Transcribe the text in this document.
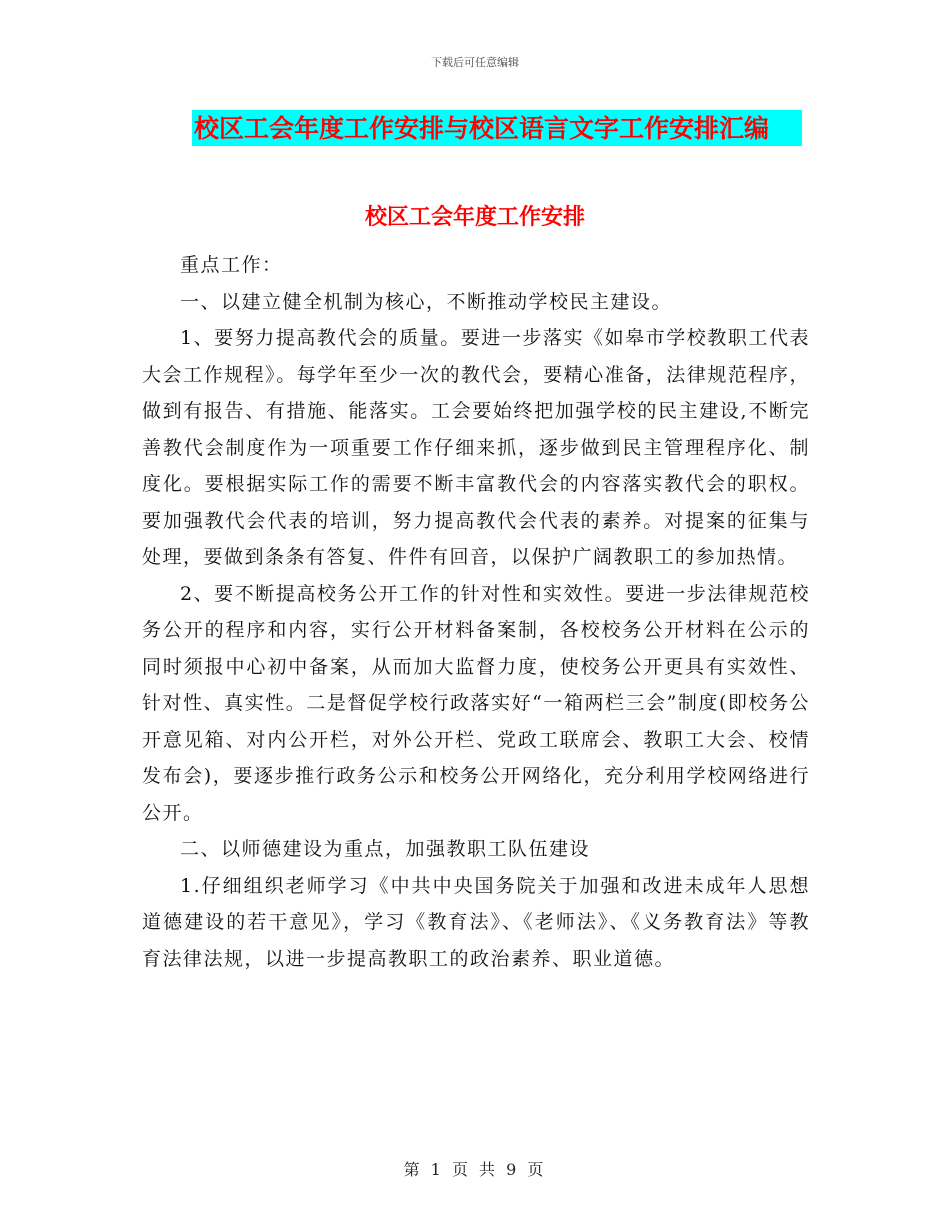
下载后可任意编辑
校区工会年度工作安排与校区语言文字工作安排汇编
校区工会年度工作安排

重点工作：

一、以建立健全机制为核心，不断推动学校民主建设。

1、要努力提高教代会的质量。要进一步落实《如皋市学校教职工代表大会工作规程》。每学年至少一次的教代会，要精心准备，法律规范程序，做到有报告、有措施、能落实。工会要始终把加强学校的民主建设,不断完善教代会制度作为一项重要工作仔细来抓，逐步做到民主管理程序化、制度化。要根据实际工作的需要不断丰富教代会的内容落实教代会的职权。要加强教代会代表的培训，努力提高教代会代表的素养。对提案的征集与处理，要做到条条有答复、件件有回音，以保护广阔教职工的参加热情。

2、要不断提高校务公开工作的针对性和实效性。要进一步法律规范校务公开的程序和内容，实行公开材料备案制，各校校务公开材料在公示的同时须报中心初中备案，从而加大监督力度，使校务公开更具有实效性、针对性、真实性。二是督促学校行政落实好“一箱两栏三会”制度(即校务公开意见箱、对内公开栏，对外公开栏、党政工联席会、教职工大会、校情发布会)，要逐步推行政务公示和校务公开网络化，充分利用学校网络进行公开。

二、以师德建设为重点，加强教职工队伍建设

1.仔细组织老师学习《中共中央国务院关于加强和改进未成年人思想道德建设的若干意见》，学习《教育法》、《老师法》、《义务教育法》等教育法律法规，以进一步提高教职工的政治素养、职业道德。

第 1 页 共 9 页
